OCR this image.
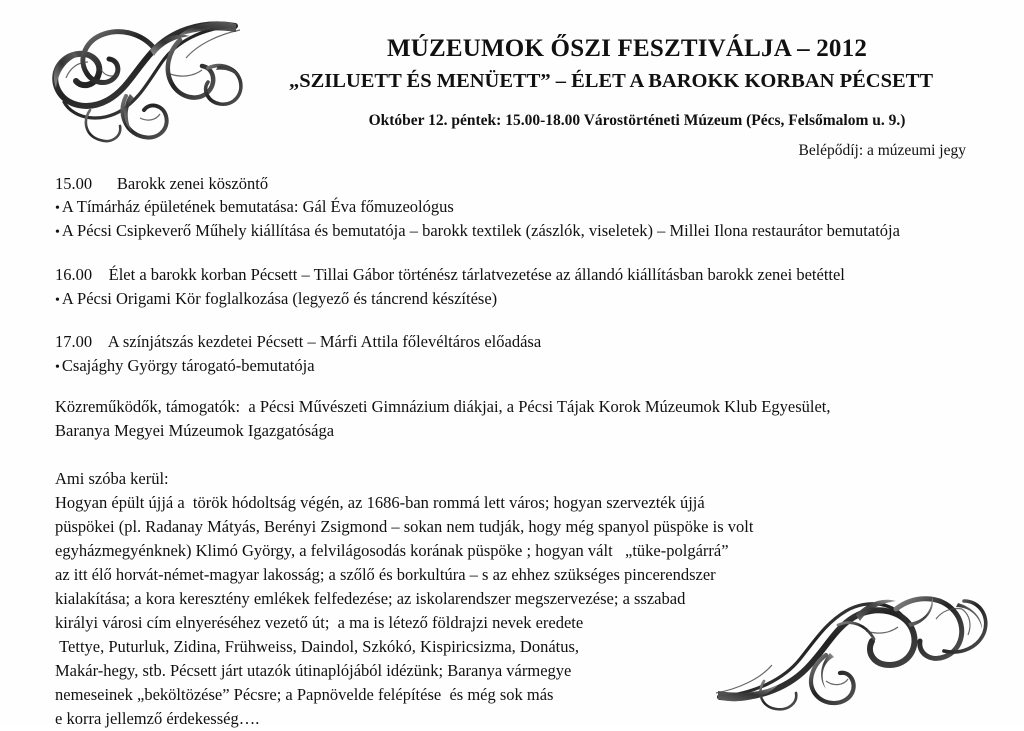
MÚZEUMOK ŐSZI FESZTIVÁLJA – 2012
„SZILUETT ÉS MENÜETT” – ÉLET A BAROKK KORBAN PÉCSETT
Október 12. péntek: 15.00-18.00 Várostörténeti Múzeum (Pécs, Felsőmalom u. 9.)
Belépődíj: a múzeumi jegy
15.00      Barokk zenei köszöntő
• A Tímárház épületének bemutatása: Gál Éva főmuzeológus
• A Pécsi Csipkeverő Műhely kiállítása és bemutatója – barokk textilek (zászlók, viseletek) – Millei Ilona restaurátor bemutatója
16.00    Élet a barokk korban Pécsett – Tillai Gábor történész tárlatvezetése az állandó kiállításban barokk zenei betéttel
• A Pécsi Origami Kör foglalkozása (legyező és táncrend készítése)
17.00    A színjátszás kezdetei Pécsett – Márfi Attila főlevéltáros előadása
• Csajághy György tárogató-bemutatója
Közreműködők, támogatók:  a Pécsi Művészeti Gimnázium diákjai, a Pécsi Tájak Korok Múzeumok Klub Egyesület,
Baranya Megyei Múzeumok Igazgatósága
Ami szóba kerül:
Hogyan épült újjá a  török hódoltság végén, az 1686-ban rommá lett város; hogyan szervezték újjá
püspökei (pl. Radanay Mátyás, Berényi Zsigmond – sokan nem tudják, hogy még spanyol püspöke is volt
egyházmegyénknek) Klimó György, a felvilágosodás korának püspöke ; hogyan vált   „tüke-polgárrá”
az itt élő horvát-német-magyar lakosság; a szőlő és borkultúra – s az ehhez szükséges pincerendszer
kialakítása; a kora keresztény emlékek felfedezése; az iskolarendszer megszervezése; a sszabad
királyi városi cím elnyeréséhez vezető út;  a ma is létező földrajzi nevek eredete
Tettye, Puturluk, Zidina, Frühweiss, Daindol, Szkókó, Kispiricsizma, Donátus,
Makár-hegy, stb. Pécsett járt utazók útinaplójából idézünk; Baranya vármegye
nemeseinek „beköltözése” Pécsre; a Papnövelde felépítése  és még sok más
e korra jellemző érdekesség….
